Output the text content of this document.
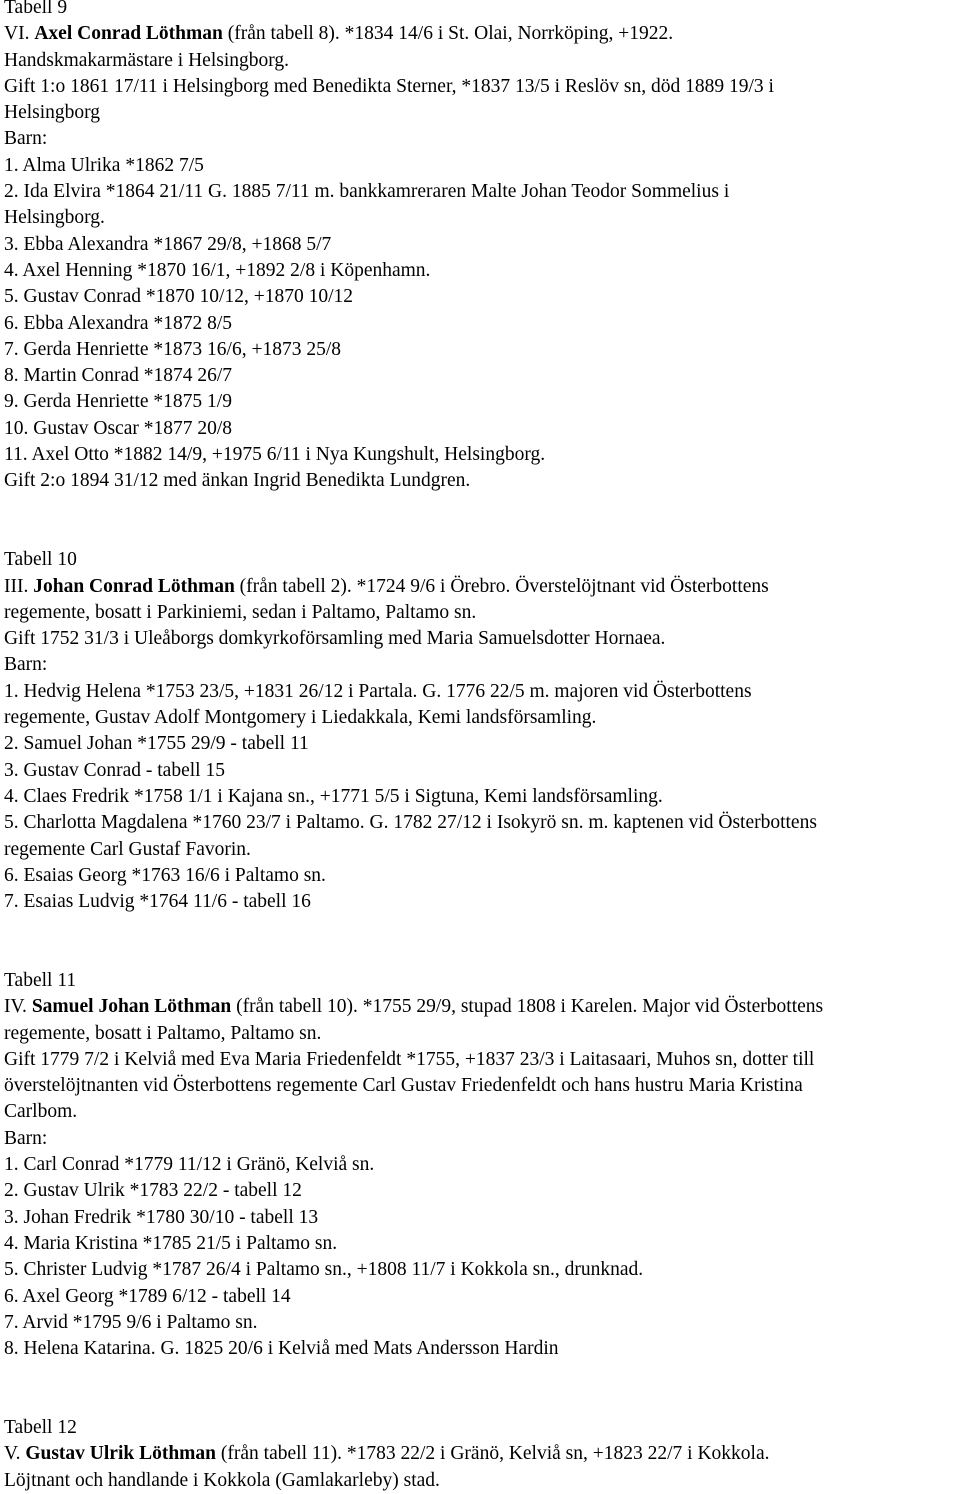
Tabell 9
VI. Axel Conrad Löthman (från tabell 8). *1834 14/6 i St. Olai, Norrköping, +1922.
Handskmakarmästare i Helsingborg.
Gift 1:o 1861 17/11 i Helsingborg med Benedikta Sterner, *1837 13/5 i Reslöv sn, död 1889 19/3 i
Helsingborg
Barn:
1. Alma Ulrika *1862 7/5
2. Ida Elvira *1864 21/11 G. 1885 7/11 m. bankkamreraren Malte Johan Teodor Sommelius i
Helsingborg.
3. Ebba Alexandra *1867 29/8, +1868 5/7
4. Axel Henning *1870 16/1, +1892 2/8 i Köpenhamn.
5. Gustav Conrad *1870 10/12, +1870 10/12
6. Ebba Alexandra *1872 8/5
7. Gerda Henriette *1873 16/6, +1873 25/8
8. Martin Conrad *1874 26/7
9. Gerda Henriette *1875 1/9
10. Gustav Oscar *1877 20/8
11. Axel Otto *1882 14/9, +1975 6/11 i Nya Kungshult, Helsingborg.
Gift 2:o 1894 31/12 med änkan Ingrid Benedikta Lundgren.
Tabell 10
III. Johan Conrad Löthman (från tabell 2). *1724 9/6 i Örebro. Överstelöjtnant vid Österbottens
regemente, bosatt i Parkiniemi, sedan i Paltamo, Paltamo sn.
Gift 1752 31/3 i Uleåborgs domkyrkoförsamling med Maria Samuelsdotter Hornaea.
Barn:
1. Hedvig Helena *1753 23/5, +1831 26/12 i Partala. G. 1776 22/5 m. majoren vid Österbottens
regemente, Gustav Adolf Montgomery i Liedakkala, Kemi landsförsamling.
2. Samuel Johan *1755 29/9 - tabell 11
3. Gustav Conrad - tabell 15
4. Claes Fredrik *1758 1/1 i Kajana sn., +1771 5/5 i Sigtuna, Kemi landsförsamling.
5. Charlotta Magdalena *1760 23/7 i Paltamo. G. 1782 27/12 i Isokyrö sn. m. kaptenen vid Österbottens
regemente Carl Gustaf Favorin.
6. Esaias Georg *1763 16/6 i Paltamo sn.
7. Esaias Ludvig *1764 11/6 - tabell 16
Tabell 11
IV. Samuel Johan Löthman (från tabell 10). *1755 29/9, stupad 1808 i Karelen. Major vid Österbottens
regemente, bosatt i Paltamo, Paltamo sn.
Gift 1779 7/2 i Kelviå med Eva Maria Friedenfeldt *1755, +1837 23/3 i Laitasaari, Muhos sn, dotter till
överstelöjtnanten vid Österbottens regemente Carl Gustav Friedenfeldt och hans hustru Maria Kristina
Carlbom.
Barn:
1. Carl Conrad *1779 11/12 i Gränö, Kelviå sn.
2. Gustav Ulrik *1783 22/2 - tabell 12
3. Johan Fredrik *1780 30/10 - tabell 13
4. Maria Kristina *1785 21/5 i Paltamo sn.
5. Christer Ludvig *1787 26/4 i Paltamo sn., +1808 11/7 i Kokkola sn., drunknad.
6. Axel Georg *1789 6/12 - tabell 14
7. Arvid *1795 9/6 i Paltamo sn.
8. Helena Katarina. G. 1825 20/6 i Kelviå med Mats Andersson Hardin
Tabell 12
V. Gustav Ulrik Löthman (från tabell 11). *1783 22/2 i Gränö, Kelviå sn, +1823 22/7 i Kokkola.
Löjtnant och handlande i Kokkola (Gamlakarleby) stad.
